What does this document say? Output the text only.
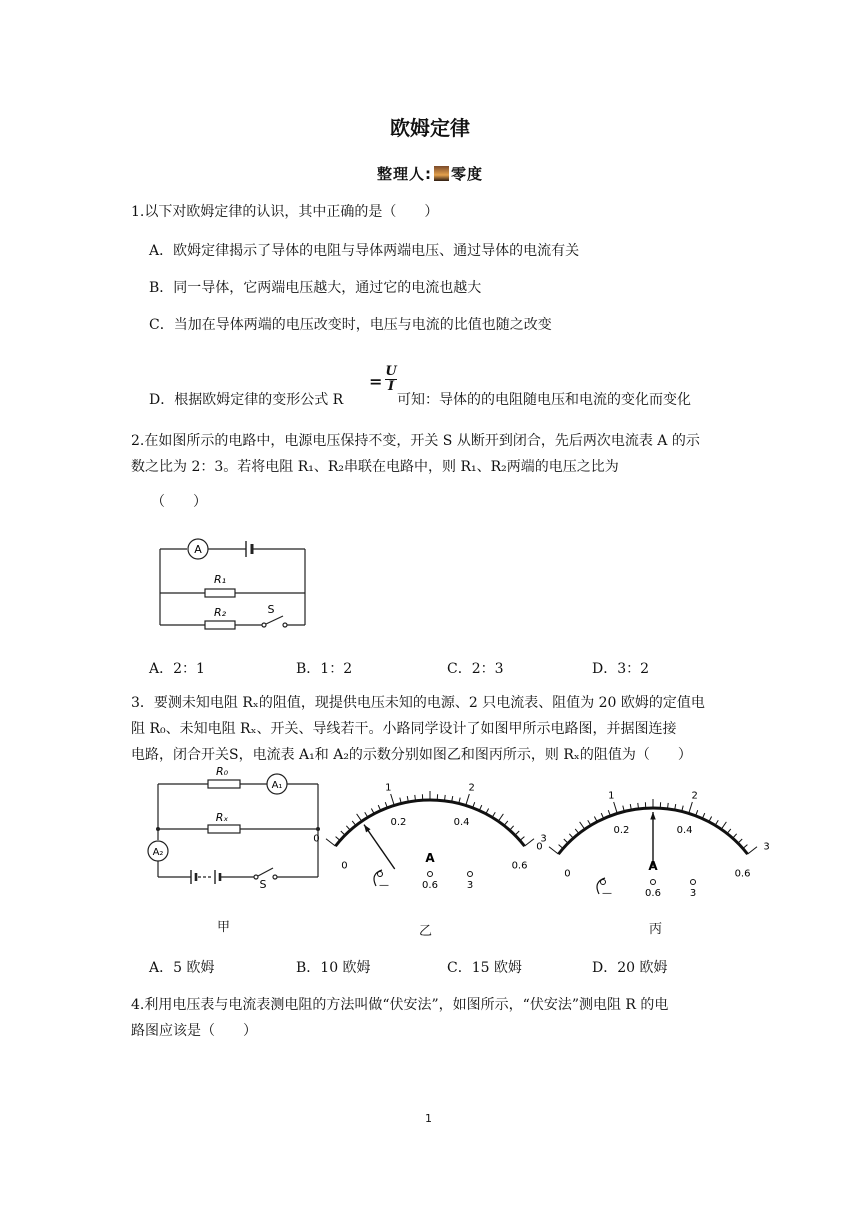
欧姆定律
整理人: 零度
1.以下对欧姆定律的认识，其中正确的是（　　）
A．欧姆定律揭示了导体的电阻与导体两端电压、通过导体的电流有关
B．同一导体，它两端电压越大，通过它的电流也越大
C．当加在导体两端的电压改变时，电压与电流的比值也随之改变
D．根据欧姆定律的变形公式 R
= $\frac{U}{I}$
可知：导体的的电阻随电压和电流的变化而变化
2.在如图所示的电路中，电源电压保持不变，开关 S 从断开到闭合，先后两次电流表 A 的示
数之比为 2：3。若将电阻 R₁、R₂串联在电路中，则 R₁、R₂两端的电压之比为
（　　）
A
R₁
R₂	S
A．2：1	B．1：2	C．2：3	D．3：2
3．要测未知电阻 Rₓ的阻值，现提供电压未知的电源、2 只电流表、阻值为 20 欧姆的定值电
阻 R₀、未知电阻 Rₓ、开关、导线若干。小路同学设计了如图甲所示电路图，并据图连接
电路，闭合开关S，电流表 A₁和 A₂的示数分别如图乙和图丙所示，则 Rₓ的阻值为（　　）
R₀
Rₓ
A₁
A₂
S
0
1	2
3
0
0.2	0.4
0.6
A
—	0.6	3
0
1	2
3
0
0.2	0.4
0.6
A
—	0.6	3
甲	乙	丙
A．5 欧姆	B．10 欧姆	C．15 欧姆	D．20 欧姆
4.利用电压表与电流表测电阻的方法叫做“伏安法”，如图所示，“伏安法”测电阻 R 的电
路图应该是（　　）
1
